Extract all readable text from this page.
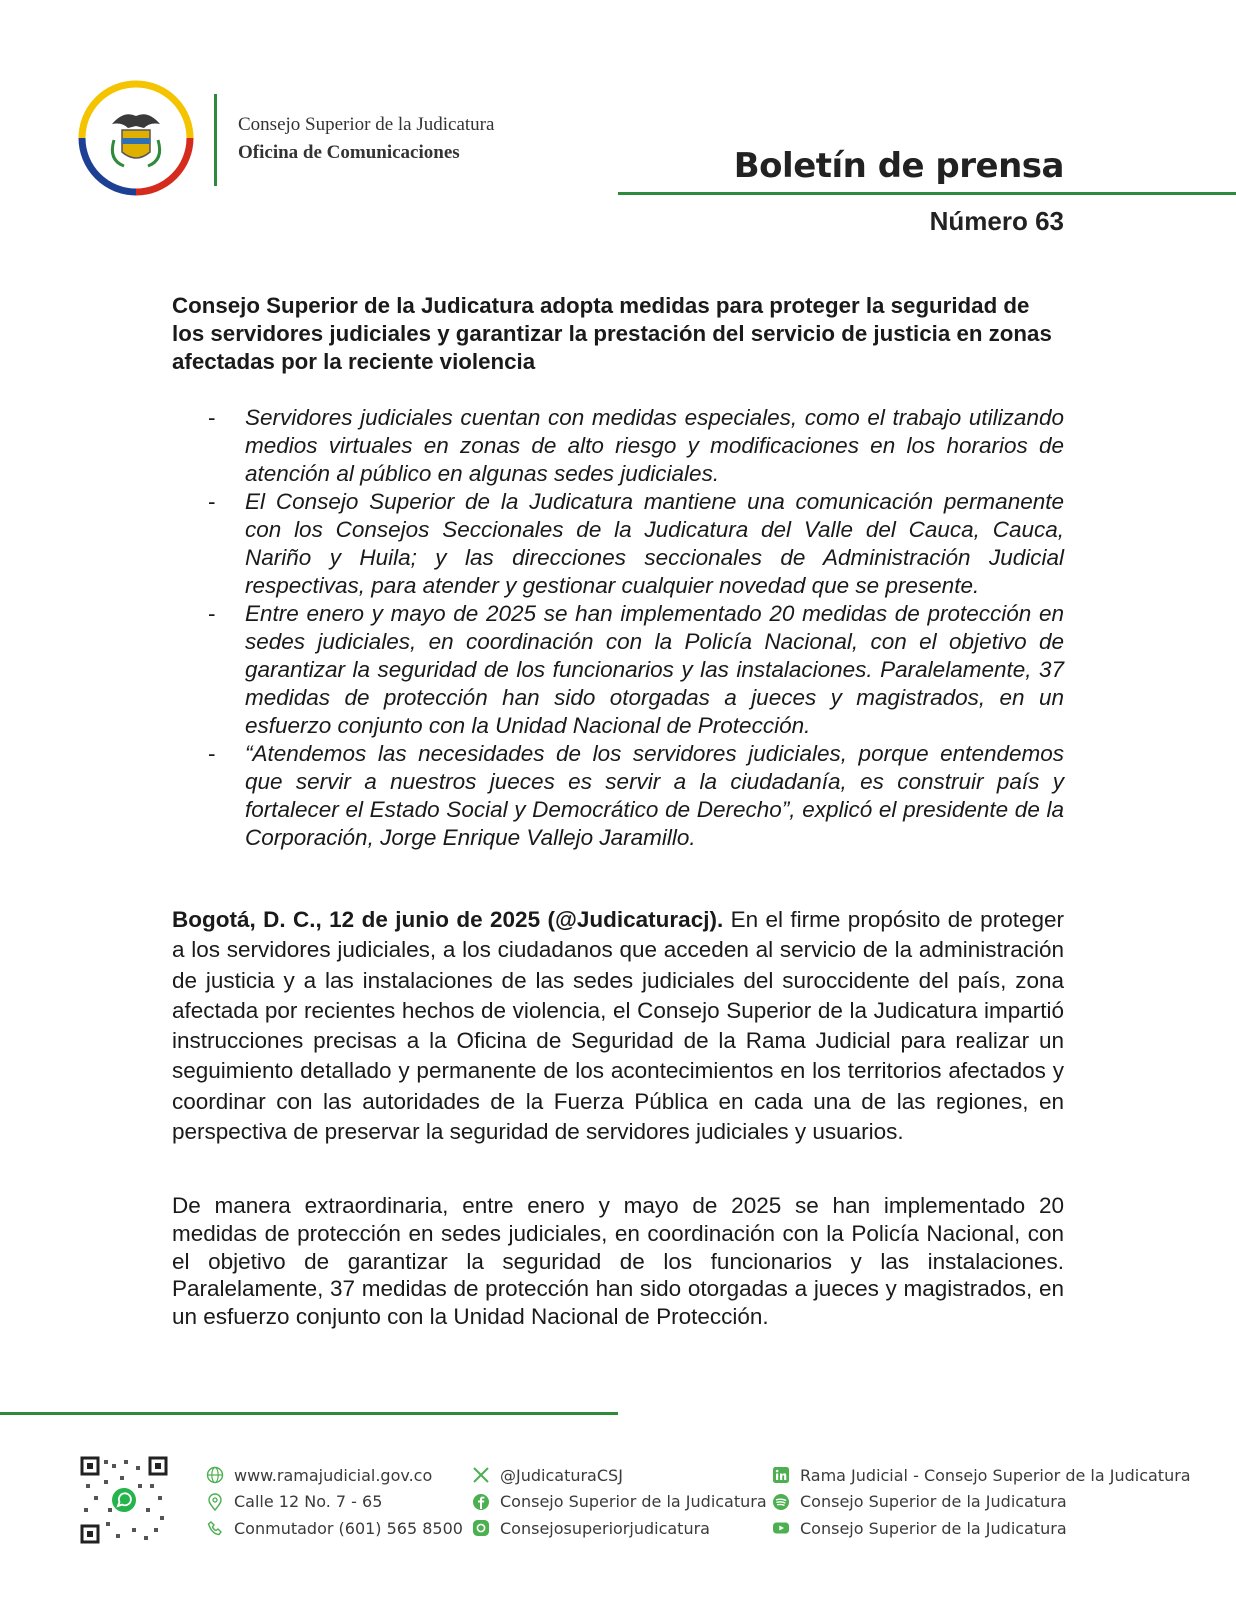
Consejo Superior de la Judicatura
Oficina de Comunicaciones	Boletín de prensa
Número 63
Consejo Superior de la Judicatura adopta medidas para proteger la seguridad de los servidores judiciales y garantizar la prestación del servicio de justicia en zonas afectadas por la reciente violencia
- Servidores judiciales cuentan con medidas especiales, como el trabajo utilizando medios virtuales en zonas de alto riesgo y modificaciones en los horarios de atención al público en algunas sedes judiciales.
- El Consejo Superior de la Judicatura mantiene una comunicación permanente con los Consejos Seccionales de la Judicatura del Valle del Cauca, Cauca, Nariño y Huila; y las direcciones seccionales de Administración Judicial respectivas, para atender y gestionar cualquier novedad que se presente.
- Entre enero y mayo de 2025 se han implementado 20 medidas de protección en sedes judiciales, en coordinación con la Policía Nacional, con el objetivo de garantizar la seguridad de los funcionarios y las instalaciones. Paralelamente, 37 medidas de protección han sido otorgadas a jueces y magistrados, en un esfuerzo conjunto con la Unidad Nacional de Protección.
- “Atendemos las necesidades de los servidores judiciales, porque entendemos que servir a nuestros jueces es servir a la ciudadanía, es construir país y fortalecer el Estado Social y Democrático de Derecho”, explicó el presidente de la Corporación, Jorge Enrique Vallejo Jaramillo.

Bogotá, D. C., 12 de junio de 2025 (@Judicaturacj). En el firme propósito de proteger a los servidores judiciales, a los ciudadanos que acceden al servicio de la administración de justicia y a las instalaciones de las sedes judiciales del suroccidente del país, zona afectada por recientes hechos de violencia, el Consejo Superior de la Judicatura impartió instrucciones precisas a la Oficina de Seguridad de la Rama Judicial para realizar un seguimiento detallado y permanente de los acontecimientos en los territorios afectados y coordinar con las autoridades de la Fuerza Pública en cada una de las regiones, en perspectiva de preservar la seguridad de servidores judiciales y usuarios.

De manera extraordinaria, entre enero y mayo de 2025 se han implementado 20 medidas de protección en sedes judiciales, en coordinación con la Policía Nacional, con el objetivo de garantizar la seguridad de los funcionarios y las instalaciones. Paralelamente, 37 medidas de protección han sido otorgadas a jueces y magistrados, en un esfuerzo conjunto con la Unidad Nacional de Protección.

www.ramajudicial.gov.co
Calle 12 No. 7 - 65
Conmutador (601) 565 8500
@JudicaturaCSJ
Consejo Superior de la Judicatura
Consejosuperiorjudicatura
Rama Judicial - Consejo Superior de la Judicatura
Consejo Superior de la Judicatura
Consejo Superior de la Judicatura
